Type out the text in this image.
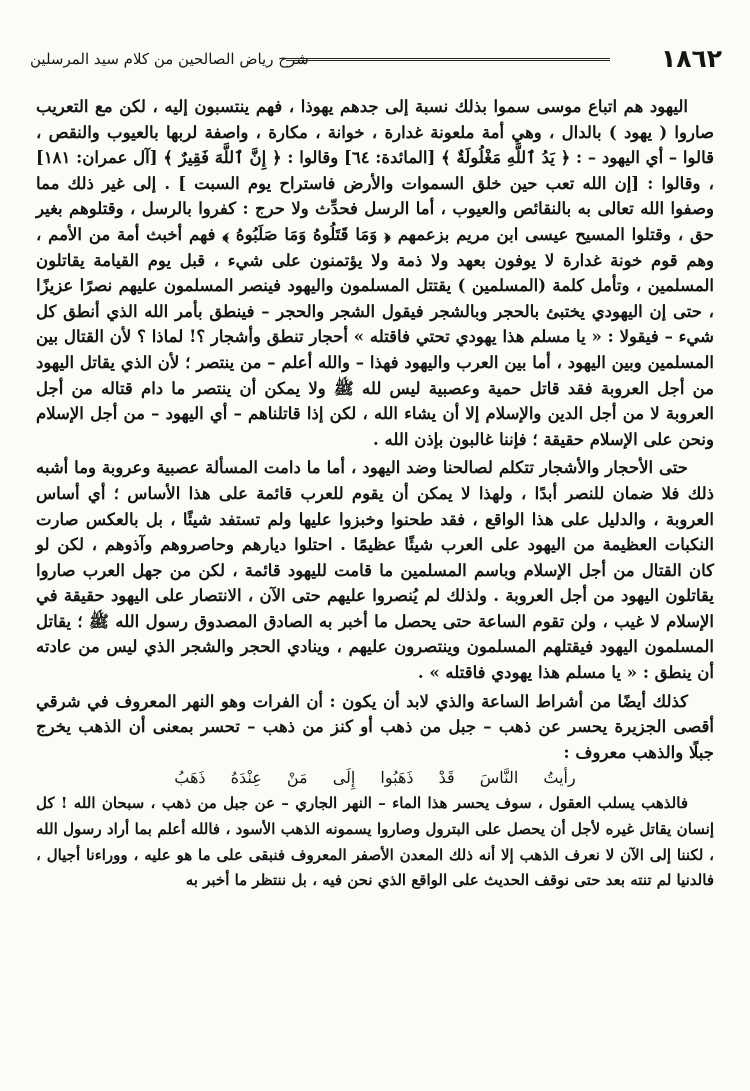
١٨٦٢
شرح رياض الصالحين من كلام سيد المرسلين

اليهود هم اتباع موسى سموا بذلك نسبة إلى جدهم يهوذا ، فهم ينتسبون إليه ، لكن مع التعريب صاروا ( يهود ) بالدال ، وهي أمة ملعونة غدارة ، خوانة ، مكارة ، واصفة لربها بالعيوب والنقص ، قالوا – أي اليهود – : ﴿ يَدُ ٱللَّهِ مَغْلُولَةٌ ﴾ [المائدة: ٦٤] وقالوا : ﴿ إِنَّ ٱللَّهَ فَقِيرٌ ﴾ [آل عمران: ١٨١] ، وقالوا : [إن الله تعب حين خلق السموات والأرض فاستراح يوم السبت ] . إلى غير ذلك مما وصفوا الله تعالى به بالنقائص والعيوب ، أما الرسل فحدِّث ولا حرج : كفروا بالرسل ، وقتلوهم بغير حق ، وقتلوا المسيح عيسى ابن مريم بزعمهم ﴿ وَمَا قَتَلُوهُ وَمَا صَلَبُوهُ ﴾ فهم أخبث أمة من الأمم ، وهم قوم خونة غدارة لا يوفون بعهد ولا ذمة ولا يؤتمنون على شيء ، قبل يوم القيامة يقاتلون المسلمين ، وتأمل كلمة (المسلمين ) يقتتل المسلمون واليهود فينصر المسلمون عليهم نصرًا عزيزًا ، حتى إن اليهودي يختبئ بالحجر وبالشجر فيقول الشجر والحجر – فينطق بأمر الله الذي أنطق كل شيء – فيقولا : « يا مسلم هذا يهودي تحتي فاقتله » أحجار تنطق وأشجار ؟! لماذا ؟ لأن القتال بين المسلمين وبين اليهود ، أما بين العرب واليهود فهذا – والله أعلم – من ينتصر ؛ لأن الذي يقاتل اليهود من أجل العروبة فقد قاتل حمية وعصبية ليس لله ﷺ ولا يمكن أن ينتصر ما دام قتاله من أجل العروبة لا من أجل الدين والإسلام إلا أن يشاء الله ، لكن إذا قاتلناهم – أي اليهود – من أجل الإسلام ونحن على الإسلام حقيقة ؛ فإننا غالبون بإذن الله .

حتى الأحجار والأشجار تتكلم لصالحنا وضد اليهود ، أما ما دامت المسألة عصبية وعروبة وما أشبه ذلك فلا ضمان للنصر أبدًا ، ولهذا لا يمكن أن يقوم للعرب قائمة على هذا الأساس ؛ أي أساس العروبة ، والدليل على هذا الواقع ، فقد طحنوا وخبزوا عليها ولم تستفد شيئًا ، بل بالعكس صارت النكبات العظيمة من اليهود على العرب شيئًا عظيمًا . احتلوا ديارهم وحاصروهم وآذوهم ، لكن لو كان القتال من أجل الإسلام وباسم المسلمين ما قامت لليهود قائمة ، لكن من جهل العرب صاروا يقاتلون اليهود من أجل العروبة . ولذلك لم يُنصروا عليهم حتى الآن ، الانتصار على اليهود حقيقة في الإسلام لا غيب ، ولن تقوم الساعة حتى يحصل ما أخبر به الصادق المصدوق رسول الله ﷺ ؛ يقاتل المسلمون اليهود فيقتلهم المسلمون وينتصرون عليهم ، وينادي الحجر والشجر الذي ليس من عادته أن ينطق : « يا مسلم هذا يهودي فاقتله » .

كذلك أيضًا من أشراط الساعة والذي لابد أن يكون : أن الفرات وهو النهر المعروف في شرقي أقصى الجزيرة يحسر عن ذهب – جبل من ذهب أو كنز من ذهب – تحسر بمعنى أن الذهب يخرج جبلًا والذهب معروف :

رأيتُ النَّاسَ قَدْ ذَهَبُوا إِلَى مَنْ عِنْدَهُ ذَهَبُ

فالذهب يسلب العقول ، سوف يحسر هذا الماء – النهر الجاري – عن جبل من ذهب ، سبحان الله ! كل إنسان يقاتل غيره لأجل أن يحصل على البترول وصاروا يسمونه الذهب الأسود ، فالله أعلم بما أراد رسول الله ، لكننا إلى الآن لا نعرف الذهب إلا أنه ذلك المعدن الأصفر المعروف فنبقى على ما هو عليه ، ووراءنا أجيال ، فالدنيا لم تنته بعد حتى نوقف الحديث على الواقع الذي نحن فيه ، بل ننتظر ما أخبر به
